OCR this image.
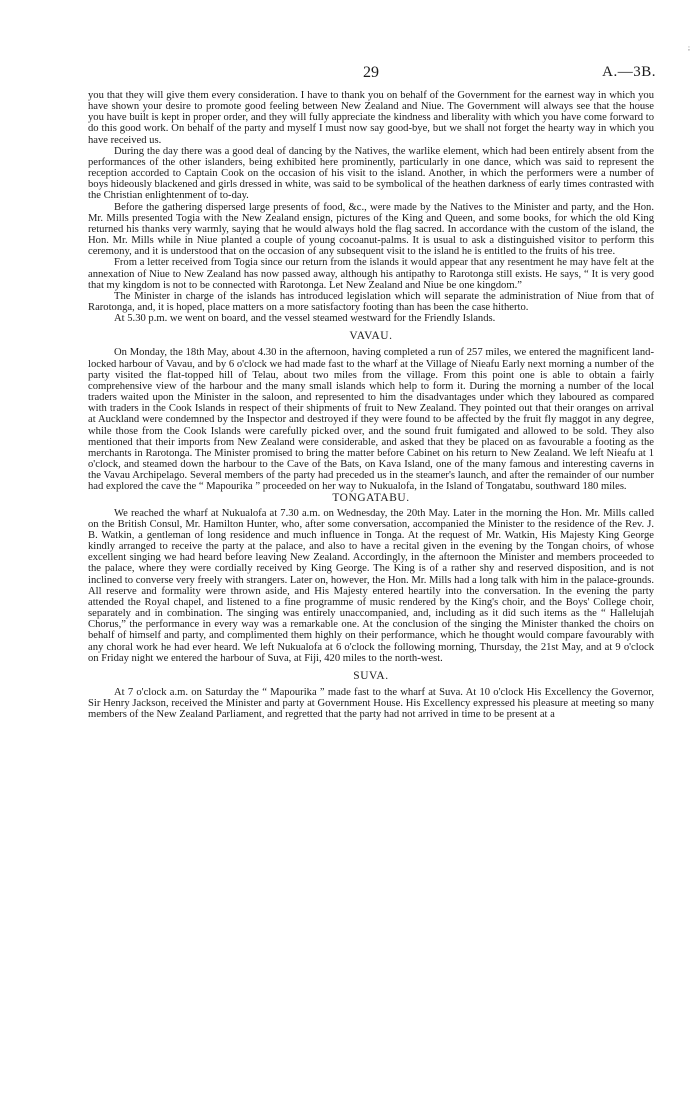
;
29	A.—3B.

you that they will give them every consideration. I have to thank you on behalf of the Government for the earnest way in which you have shown your desire to promote good feeling between New Zealand and Niue. The Government will always see that the house you have built is kept in proper order, and they will fully appreciate the kindness and liberality with which you have come forward to do this good work. On behalf of the party and myself I must now say good-bye, but we shall not forget the hearty way in which you have received us.

During the day there was a good deal of dancing by the Natives, the warlike element, which had been entirely absent from the performances of the other islanders, being exhibited here prominently, particularly in one dance, which was said to represent the reception accorded to Captain Cook on the occasion of his visit to the island. Another, in which the performers were a number of boys hideously blackened and girls dressed in white, was said to be symbolical of the heathen darkness of early times contrasted with the Christian enlightenment of to-day.

Before the gathering dispersed large presents of food, &c., were made by the Natives to the Minister and party, and the Hon. Mr. Mills presented Togia with the New Zealand ensign, pictures of the King and Queen, and some books, for which the old King returned his thanks very warmly, saying that he would always hold the flag sacred. In accordance with the custom of the island, the Hon. Mr. Mills while in Niue planted a couple of young cocoanut-palms. It is usual to ask a distinguished visitor to perform this ceremony, and it is understood that on the occasion of any subsequent visit to the island he is entitled to the fruits of his tree.

From a letter received from Togia since our return from the islands it would appear that any resentment he may have felt at the annexation of Niue to New Zealand has now passed away, although his antipathy to Rarotonga still exists. He says, “ It is very good that my kingdom is not to be connected with Rarotonga. Let New Zealand and Niue be one kingdom.”

The Minister in charge of the islands has introduced legislation which will separate the administration of Niue from that of Rarotonga, and, it is hoped, place matters on a more satisfactory footing than has been the case hitherto.

At 5.30 p.m. we went on board, and the vessel steamed westward for the Friendly Islands.

VAVAU.

On Monday, the 18th May, about 4.30 in the afternoon, having completed a run of 257 miles, we entered the magnificent land-locked harbour of Vavau, and by 6 o'clock we had made fast to the wharf at the Village of Nieafu Early next morning a number of the party visited the flat-topped hill of Telau, about two miles from the village. From this point one is able to obtain a fairly comprehensive view of the harbour and the many small islands which help to form it. During the morning a number of the local traders waited upon the Minister in the saloon, and represented to him the disadvantages under which they laboured as compared with traders in the Cook Islands in respect of their shipments of fruit to New Zealand. They pointed out that their oranges on arrival at Auckland were condemned by the Inspector and destroyed if they were found to be affected by the fruit fly maggot in any degree, while those from the Cook Islands were carefully picked over, and the sound fruit fumigated and allowed to be sold. They also mentioned that their imports from New Zealand were considerable, and asked that they be placed on as favourable a footing as the merchants in Rarotonga. The Minister promised to bring the matter before Cabinet on his return to New Zealand. We left Nieafu at 1 o'clock, and steamed down the harbour to the Cave of the Bats, on Kava Island, one of the many famous and interesting caverns in the Vavau Archipelago. Several members of the party had preceded us in the steamer's launch, and after the remainder of our number had explored the cave the “ Mapourika ” proceeded on her way to Nukualofa, in the Island of Tongatabu, southward 180 miles.

TONGATABU.

We reached the wharf at Nukualofa at 7.30 a.m. on Wednesday, the 20th May. Later in the morning the Hon. Mr. Mills called on the British Consul, Mr. Hamilton Hunter, who, after some conversation, accompanied the Minister to the residence of the Rev. J. B. Watkin, a gentleman of long residence and much influence in Tonga. At the request of Mr. Watkin, His Majesty King George kindly arranged to receive the party at the palace, and also to have a recital given in the evening by the Tongan choirs, of whose excellent singing we had heard before leaving New Zealand. Accordingly, in the afternoon the Minister and members proceeded to the palace, where they were cordially received by King George. The King is of a rather shy and reserved disposition, and is not inclined to converse very freely with strangers. Later on, however, the Hon. Mr. Mills had a long talk with him in the palace-grounds. All reserve and formality were thrown aside, and His Majesty entered heartily into the conversation. In the evening the party attended the Royal chapel, and listened to a fine programme of music rendered by the King's choir, and the Boys' College choir, separately and in combination. The singing was entirely unaccompanied, and, including as it did such items as the “ Hallelujah Chorus,” the performance in every way was a remarkable one. At the conclusion of the singing the Minister thanked the choirs on behalf of himself and party, and complimented them highly on their performance, which he thought would compare favourably with any choral work he had ever heard. We left Nukualofa at 6 o'clock the following morning, Thursday, the 21st May, and at 9 o'clock on Friday night we entered the harbour of Suva, at Fiji, 420 miles to the north-west.

SUVA.

At 7 o'clock a.m. on Saturday the “ Mapourika ” made fast to the wharf at Suva. At 10 o'clock His Excellency the Governor, Sir Henry Jackson, received the Minister and party at Government House. His Excellency expressed his pleasure at meeting so many members of the New Zealand Parliament, and regretted that the party had not arrived in time to be present at a
